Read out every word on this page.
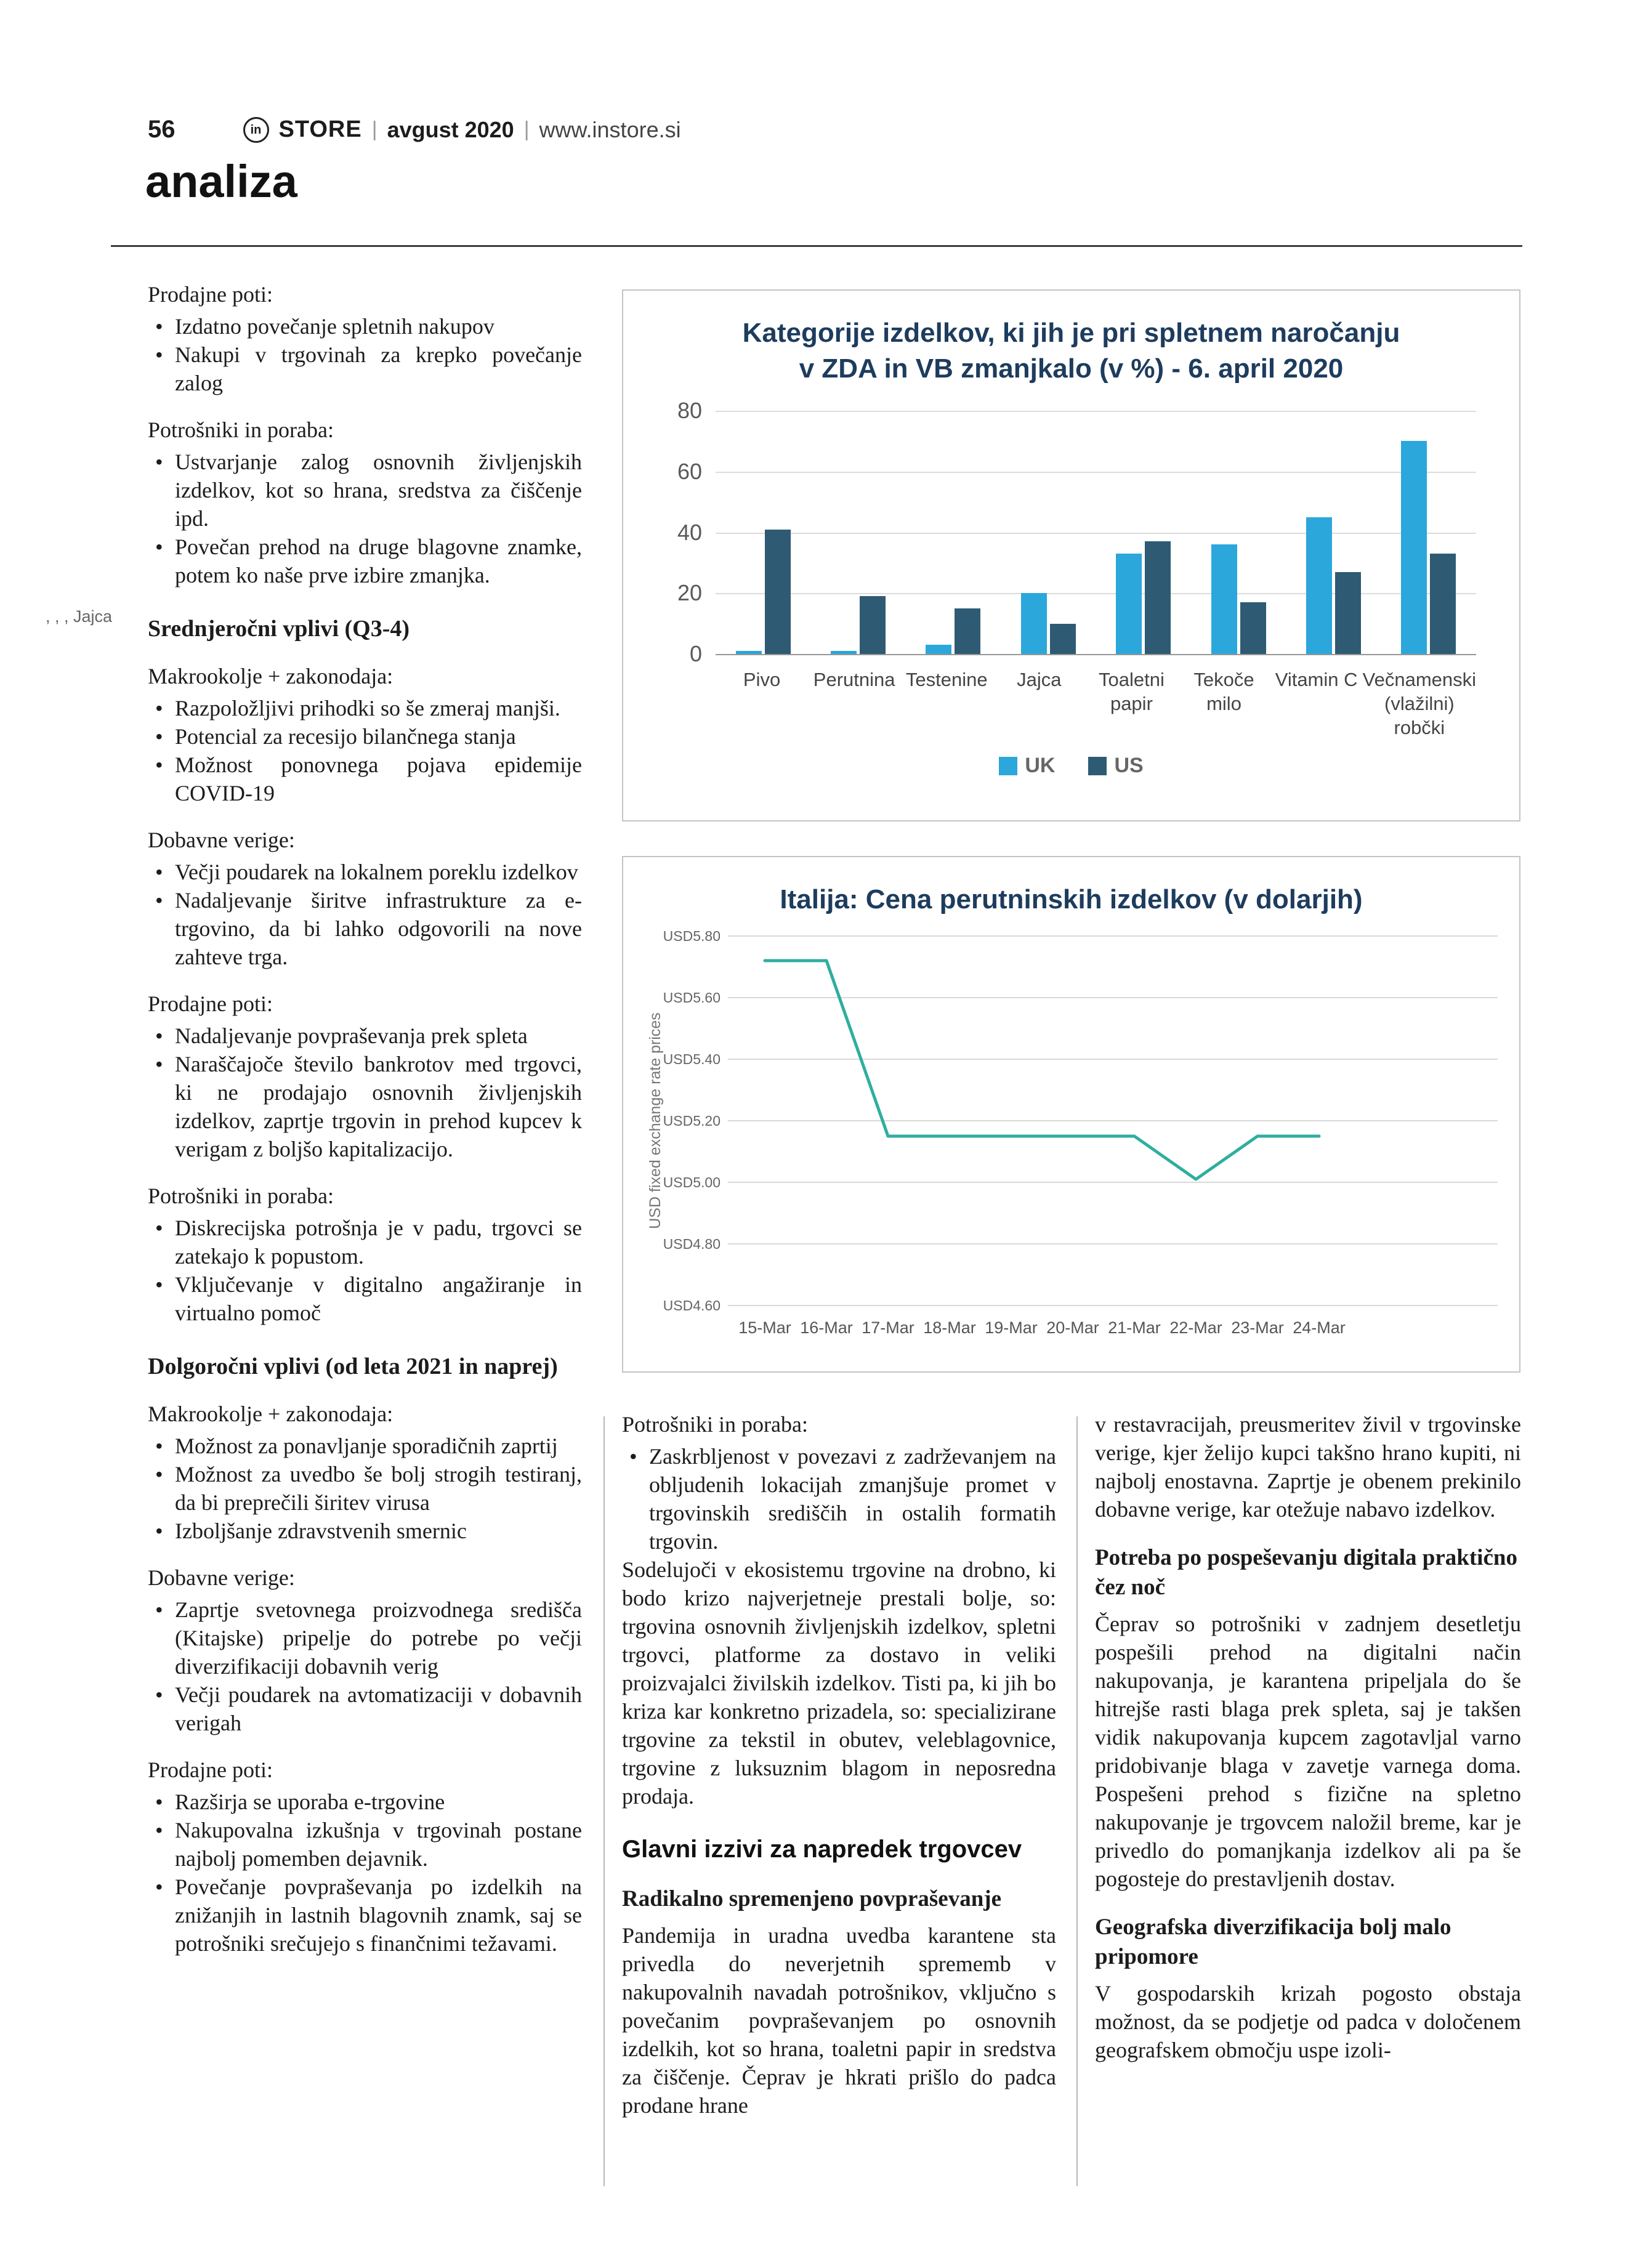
56	in STORE | avgust 2020 | www.instore.si
analiza
Prodajne poti:
• Izdatno povečanje spletnih nakupov
• Nakupi v trgovinah za krepko povečanje zalog
Potrošniki in poraba:
• Ustvarjanje zalog osnovnih življenjskih izdelkov, kot so hrana, sredstva za čiščenje ipd.
• Povečan prehod na druge blagovne znamke, potem ko naše prve izbire zmanjka.
Srednjeročni vplivi (Q3-4)
Makrookolje + zakonodaja:
• Razpoložljivi prihodki so še zmeraj manjši.
• Potencial za recesijo bilančnega stanja
• Možnost ponovnega pojava epidemije COVID-19
Dobavne verige:
• Večji poudarek na lokalnem poreklu izdelkov
• Nadaljevanje širitve infrastrukture za e-trgovino, da bi lahko odgovorili na nove zahteve trga.
Prodajne poti:
• Nadaljevanje povpraševanja prek spleta
• Naraščajoče število bankrotov med trgovci, ki ne prodajajo osnovnih življenjskih izdelkov, zaprtje trgovin in prehod kupcev k verigam z boljšo kapitalizacijo.
Potrošniki in poraba:
• Diskrecijska potrošnja je v padu, trgovci se zatekajo k popustom.
• Vključevanje v digitalno angažiranje in virtualno pomoč
Dolgoročni vplivi (od leta 2021 in naprej)
Makrookolje + zakonodaja:
• Možnost za ponavljanje sporadičnih zaprtij
• Možnost za uvedbo še bolj strogih testiranj, da bi preprečili širitev virusa
• Izboljšanje zdravstvenih smernic
Dobavne verige:
• Zaprtje svetovnega proizvodnega središča (Kitajske) pripelje do potrebe po večji diverzifikaciji dobavnih verig
• Večji poudarek na avtomatizaciji v dobavnih verigah
Prodajne poti:
• Razširja se uporaba e-trgovine
• Nakupovalna izkušnja v trgovinah postane najbolj pomemben dejavnik.
• Povečanje povpraševanja po izdelkih na znižanjih in lastnih blagovnih znamk, saj se potrošniki srečujejo s finančnimi težavami.
, , , Jajca
Kategorije izdelkov, ki jih je pri spletnem naročanju
v ZDA in VB zmanjkalo (v %) - 6. april 2020
0
20
40
60
80
Pivo	Perutnina Testenine	Jajca	Toaletni papir
Tekoče milo
Vitamin C Večnamenski (vlažilni) robčki
UK	US
Italija: Cena perutninskih izdelkov (v dolarjih)
USD5.80
USD5.60
USD5.40
USD5.20
USD5.00
USD4.80
USD4.60
15-Mar 16-Mar 17-Mar 18-Mar 19-Mar 20-Mar 21-Mar 22-Mar 23-Mar 24-Mar
USD fixed exchange rate prices
Potrošniki in poraba:
• Zaskrbljenost v povezavi z zadrževanjem na obljudenih lokacijah zmanjšuje promet v trgovinskih središčih in ostalih formatih trgovin.
Sodelujoči v ekosistemu trgovine na drobno, ki bodo krizo najverjetneje prestali bolje, so: trgovina osnovnih življenjskih izdelkov, spletni trgovci, platforme za dostavo in veliki proizvajalci živilskih izdelkov. Tisti pa, ki jih bo kriza kar konkretno prizadela, so: specializirane trgovine za tekstil in obutev, veleblagovnice, trgovine z luksuznim blagom in neposredna prodaja.
Glavni izzivi za napredek trgovcev
Radikalno spremenjeno povpraševanje
Pandemija in uradna uvedba karantene sta privedla do neverjetnih sprememb v nakupovalnih navadah potrošnikov, vključno s povečanim povpraševanjem po osnovnih izdelkih, kot so hrana, toaletni papir in sredstva za čiščenje. Čeprav je hkrati prišlo do padca prodane hrane
v restavracijah, preusmeritev živil v trgovinske verige, kjer želijo kupci takšno hrano kupiti, ni najbolj enostavna. Zaprtje je obenem prekinilo dobavne verige, kar otežuje nabavo izdelkov.
Potreba po pospeševanju digitala praktično čez noč
Čeprav so potrošniki v zadnjem desetletju pospešili prehod na digitalni način nakupovanja, je karantena pripeljala do še hitrejše rasti blaga prek spleta, saj je takšen vidik nakupovanja kupcem zagotavljal varno pridobivanje blaga v zavetje varnega doma. Pospešeni prehod s fizične na spletno nakupovanje je trgovcem naložil breme, kar je privedlo do pomanjkanja izdelkov ali pa še pogosteje do prestavljenih dostav.
Geografska diverzifikacija bolj malo pripomore
V gospodarskih krizah pogosto obstaja možnost, da se podjetje od padca v določenem geografskem območju uspe izoli-
